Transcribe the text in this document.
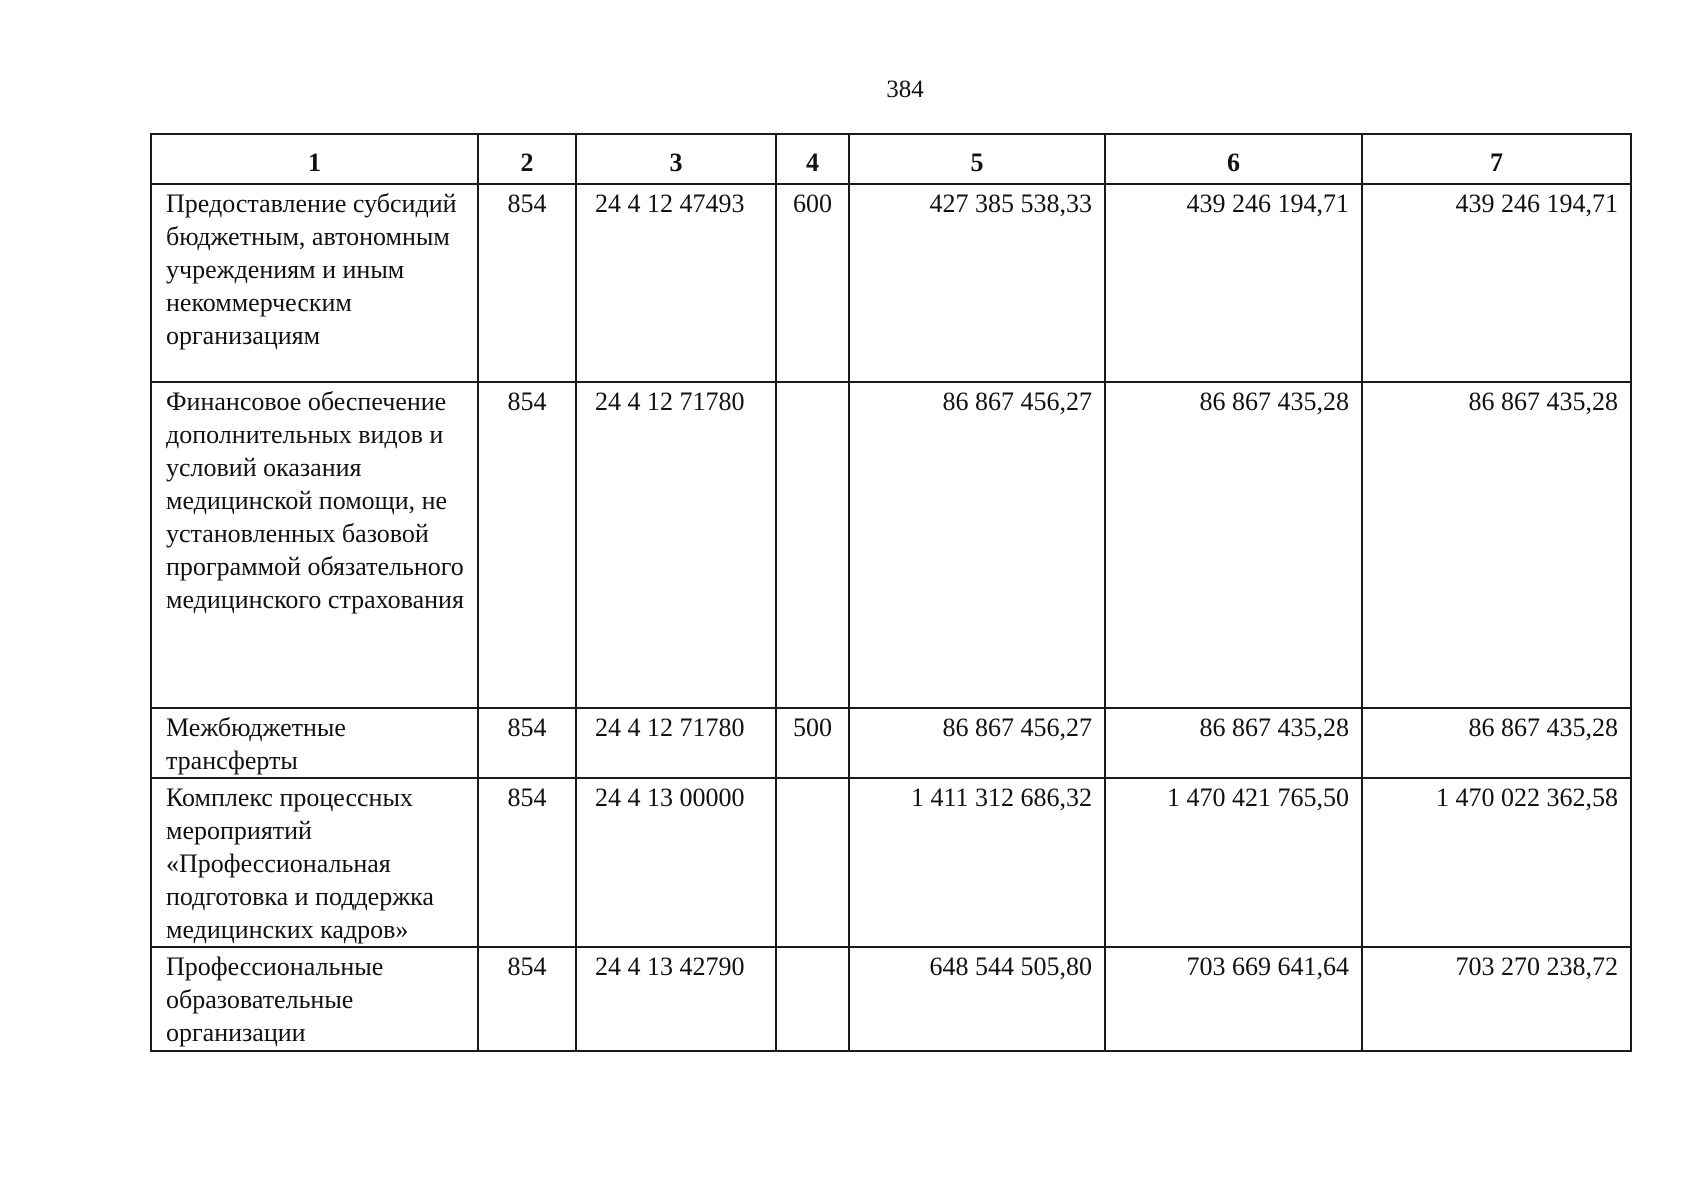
384
1	2	3	4	5	6	7
Предоставление субсидий бюджетным, автономным учреждениям и иным некоммерческим организациям	854	24 4 12 47493	600	427 385 538,33	439 246 194,71	439 246 194,71
Финансовое обеспечение дополнительных видов и условий оказания медицинской помощи, не установленных базовой программой обязательного медицинского страхования	854	24 4 12 71780		86 867 456,27	86 867 435,28	86 867 435,28
Межбюджетные трансферты	854	24 4 12 71780	500	86 867 456,27	86 867 435,28	86 867 435,28
Комплекс процессных мероприятий «Профессиональная подготовка и поддержка медицинских кадров»	854	24 4 13 00000		1 411 312 686,32	1 470 421 765,50	1 470 022 362,58
Профессиональные образовательные организации	854	24 4 13 42790		648 544 505,80	703 669 641,64	703 270 238,72
